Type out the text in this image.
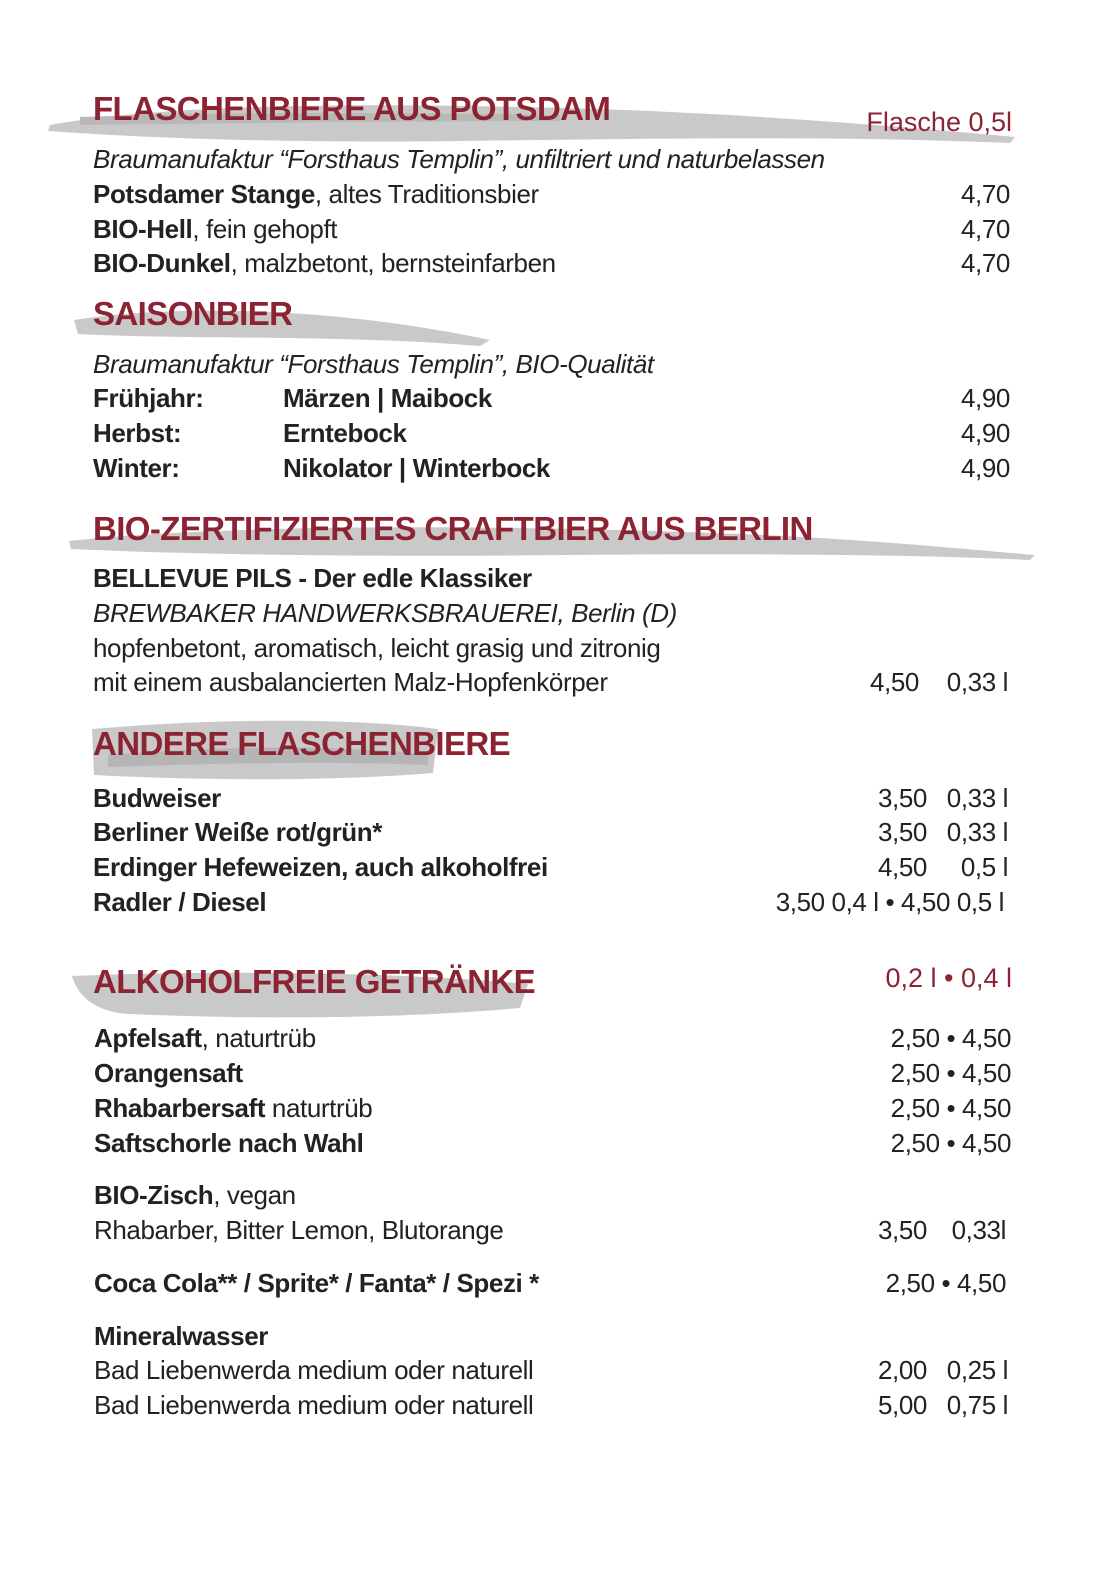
FLASCHENBIERE AUS POTSDAM	Flasche 0,5l
Braumanufaktur “Forsthaus Templin”, unfiltriert und naturbelassen
Potsdamer Stange, altes Traditionsbier	4,70
BIO-Hell, fein gehopft	4,70
BIO-Dunkel, malzbetont, bernsteinfarben	4,70
SAISONBIER
Braumanufaktur “Forsthaus Templin”, BIO-Qualität
Frühjahr:	Märzen | Maibock	4,90
Herbst:	Erntebock	4,90
Winter:	Nikolator | Winterbock	4,90
BIO-ZERTIFIZIERTES CRAFTBIER AUS BERLIN
BELLEVUE PILS - Der edle Klassiker
BREWBAKER HANDWERKSBRAUEREI, Berlin (D)
hopfenbetont, aromatisch, leicht grasig und zitronig
mit einem ausbalancierten Malz-Hopfenkörper	4,50 0,33 l
ANDERE FLASCHENBIERE
Budweiser	3,50 0,33 l
Berliner Weiße rot/grün*	3,50 0,33 l
Erdinger Hefeweizen, auch alkoholfrei	4,50 0,5 l
Radler / Diesel	3,50 0,4 l • 4,50 0,5 l
ALKOHOLFREIE GETRÄNKE	0,2 l • 0,4 l
Apfelsaft, naturtrüb	2,50 • 4,50
Orangensaft	2,50 • 4,50
Rhabarbersaft naturtrüb	2,50 • 4,50
Saftschorle nach Wahl	2,50 • 4,50
BIO-Zisch, vegan
Rhabarber, Bitter Lemon, Blutorange	3,50 0,33l
Coca Cola** / Sprite* / Fanta* / Spezi *	2,50 • 4,50
Mineralwasser
Bad Liebenwerda medium oder naturell	2,00 0,25 l
Bad Liebenwerda medium oder naturell	5,00 0,75 l
